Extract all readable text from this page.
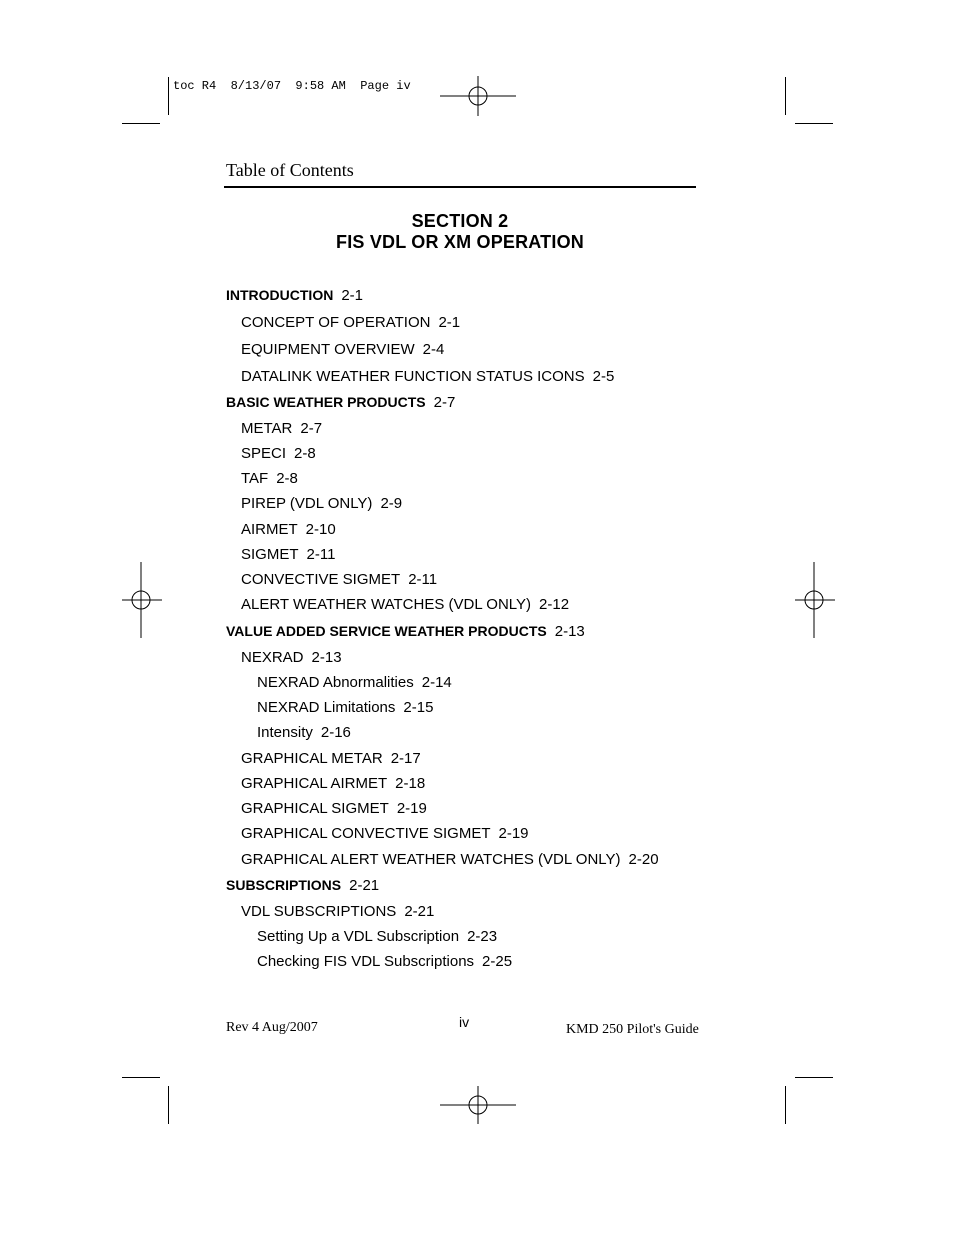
toc R4  8/13/07  9:58 AM  Page iv
Table of Contents
SECTION 2
FIS VDL OR XM OPERATION
INTRODUCTION 2-1
CONCEPT OF OPERATION 2-1
EQUIPMENT OVERVIEW 2-4
DATALINK WEATHER FUNCTION STATUS ICONS 2-5
BASIC WEATHER PRODUCTS 2-7
METAR 2-7
SPECI 2-8
TAF 2-8
PIREP (VDL ONLY) 2-9
AIRMET 2-10
SIGMET 2-11
CONVECTIVE SIGMET 2-11
ALERT WEATHER WATCHES (VDL ONLY) 2-12
VALUE ADDED SERVICE WEATHER PRODUCTS 2-13
NEXRAD 2-13
NEXRAD Abnormalities 2-14
NEXRAD Limitations 2-15
Intensity 2-16
GRAPHICAL METAR 2-17
GRAPHICAL AIRMET 2-18
GRAPHICAL SIGMET 2-19
GRAPHICAL CONVECTIVE SIGMET 2-19
GRAPHICAL ALERT WEATHER WATCHES (VDL ONLY) 2-20
SUBSCRIPTIONS 2-21
VDL SUBSCRIPTIONS 2-21
Setting Up a VDL Subscription 2-23
Checking FIS VDL Subscriptions 2-25
Rev 4 Aug/2007	iv	KMD 250 Pilot's Guide
